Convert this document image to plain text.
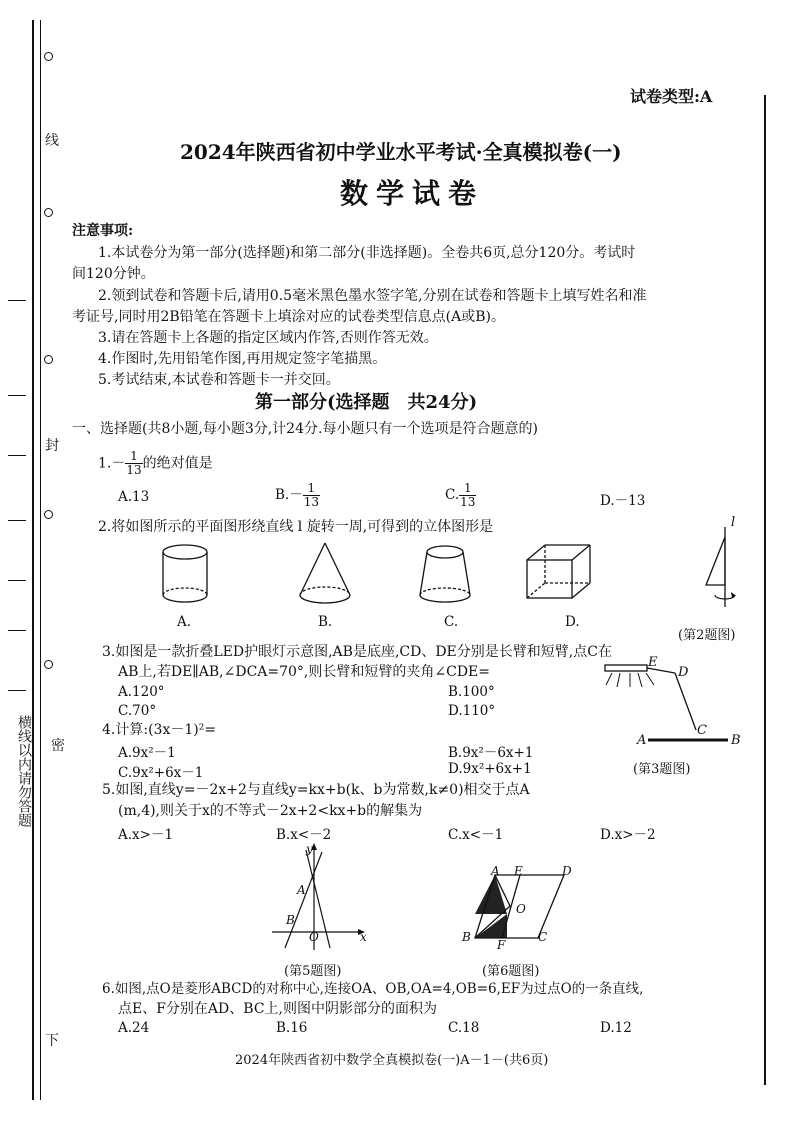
线
封
密
下
横线以内请勿答题
试卷类型:A
2024年陕西省初中学业水平考试·全真模拟卷(一)
数学试卷
注意事项:
1.本试卷分为第一部分(选择题)和第二部分(非选择题)。全卷共6页,总分120分。考试时
间120分钟。
2.领到试卷和答题卡后,请用0.5毫米黑色墨水签字笔,分别在试卷和答题卡上填写姓名和准
考证号,同时用2B铅笔在答题卡上填涂对应的试卷类型信息点(A或B)。
3.请在答题卡上各题的指定区域内作答,否则作答无效。
4.作图时,先用铅笔作图,再用规定签字笔描黑。
5.考试结束,本试卷和答题卡一并交回。
第一部分(选择题　共24分)
一、选择题(共8小题,每小题3分,计24分.每小题只有一个选项是符合题意的)
$1.- \frac{1}{13}$ 的绝对值是
A.13	$B.- \frac{1}{13}$	C. $\frac{1}{13}$	D.－13
2.将如图所示的平面图形绕直线 l 旋转一周,可得到的立体图形是
A.	B.	C.	D.
l
(第2题图)
3.如图是一款折叠LED护眼灯示意图,AB是底座,CD、DE分别是长臂和短臂,点C在
AB上,若DE∥AB,∠DCA=70°,则长臂和短臂的夹角∠CDE=
A.120°	B.100°
C.70°	D.110°
E
D
C
A	B
(第3题图)
4.计算:(3x－1)²=
A.9x²－1	B.9x²－6x+1
C.9x²+6x－1	D.9x²+6x+1
5.如图,直线y=－2x+2与直线y=kx+b(k、b为常数,k≠0)相交于点A
(m,4),则关于x的不等式－2x+2<kx+b的解集为
A.x>－1	B.x<－2	C.x<－1	D.x>－2
y
x
A
B
O
(第5题图)
A E	D
O
B
F
C
(第6题图)
6.如图,点O是菱形ABCD的对称中心,连接OA、OB,OA=4,OB=6,EF为过点O的一条直线,
点E、F分别在AD、BC上,则图中阴影部分的面积为
A.24	B.16	C.18	D.12
2024年陕西省初中数学全真模拟卷(一)A－1－(共6页)
